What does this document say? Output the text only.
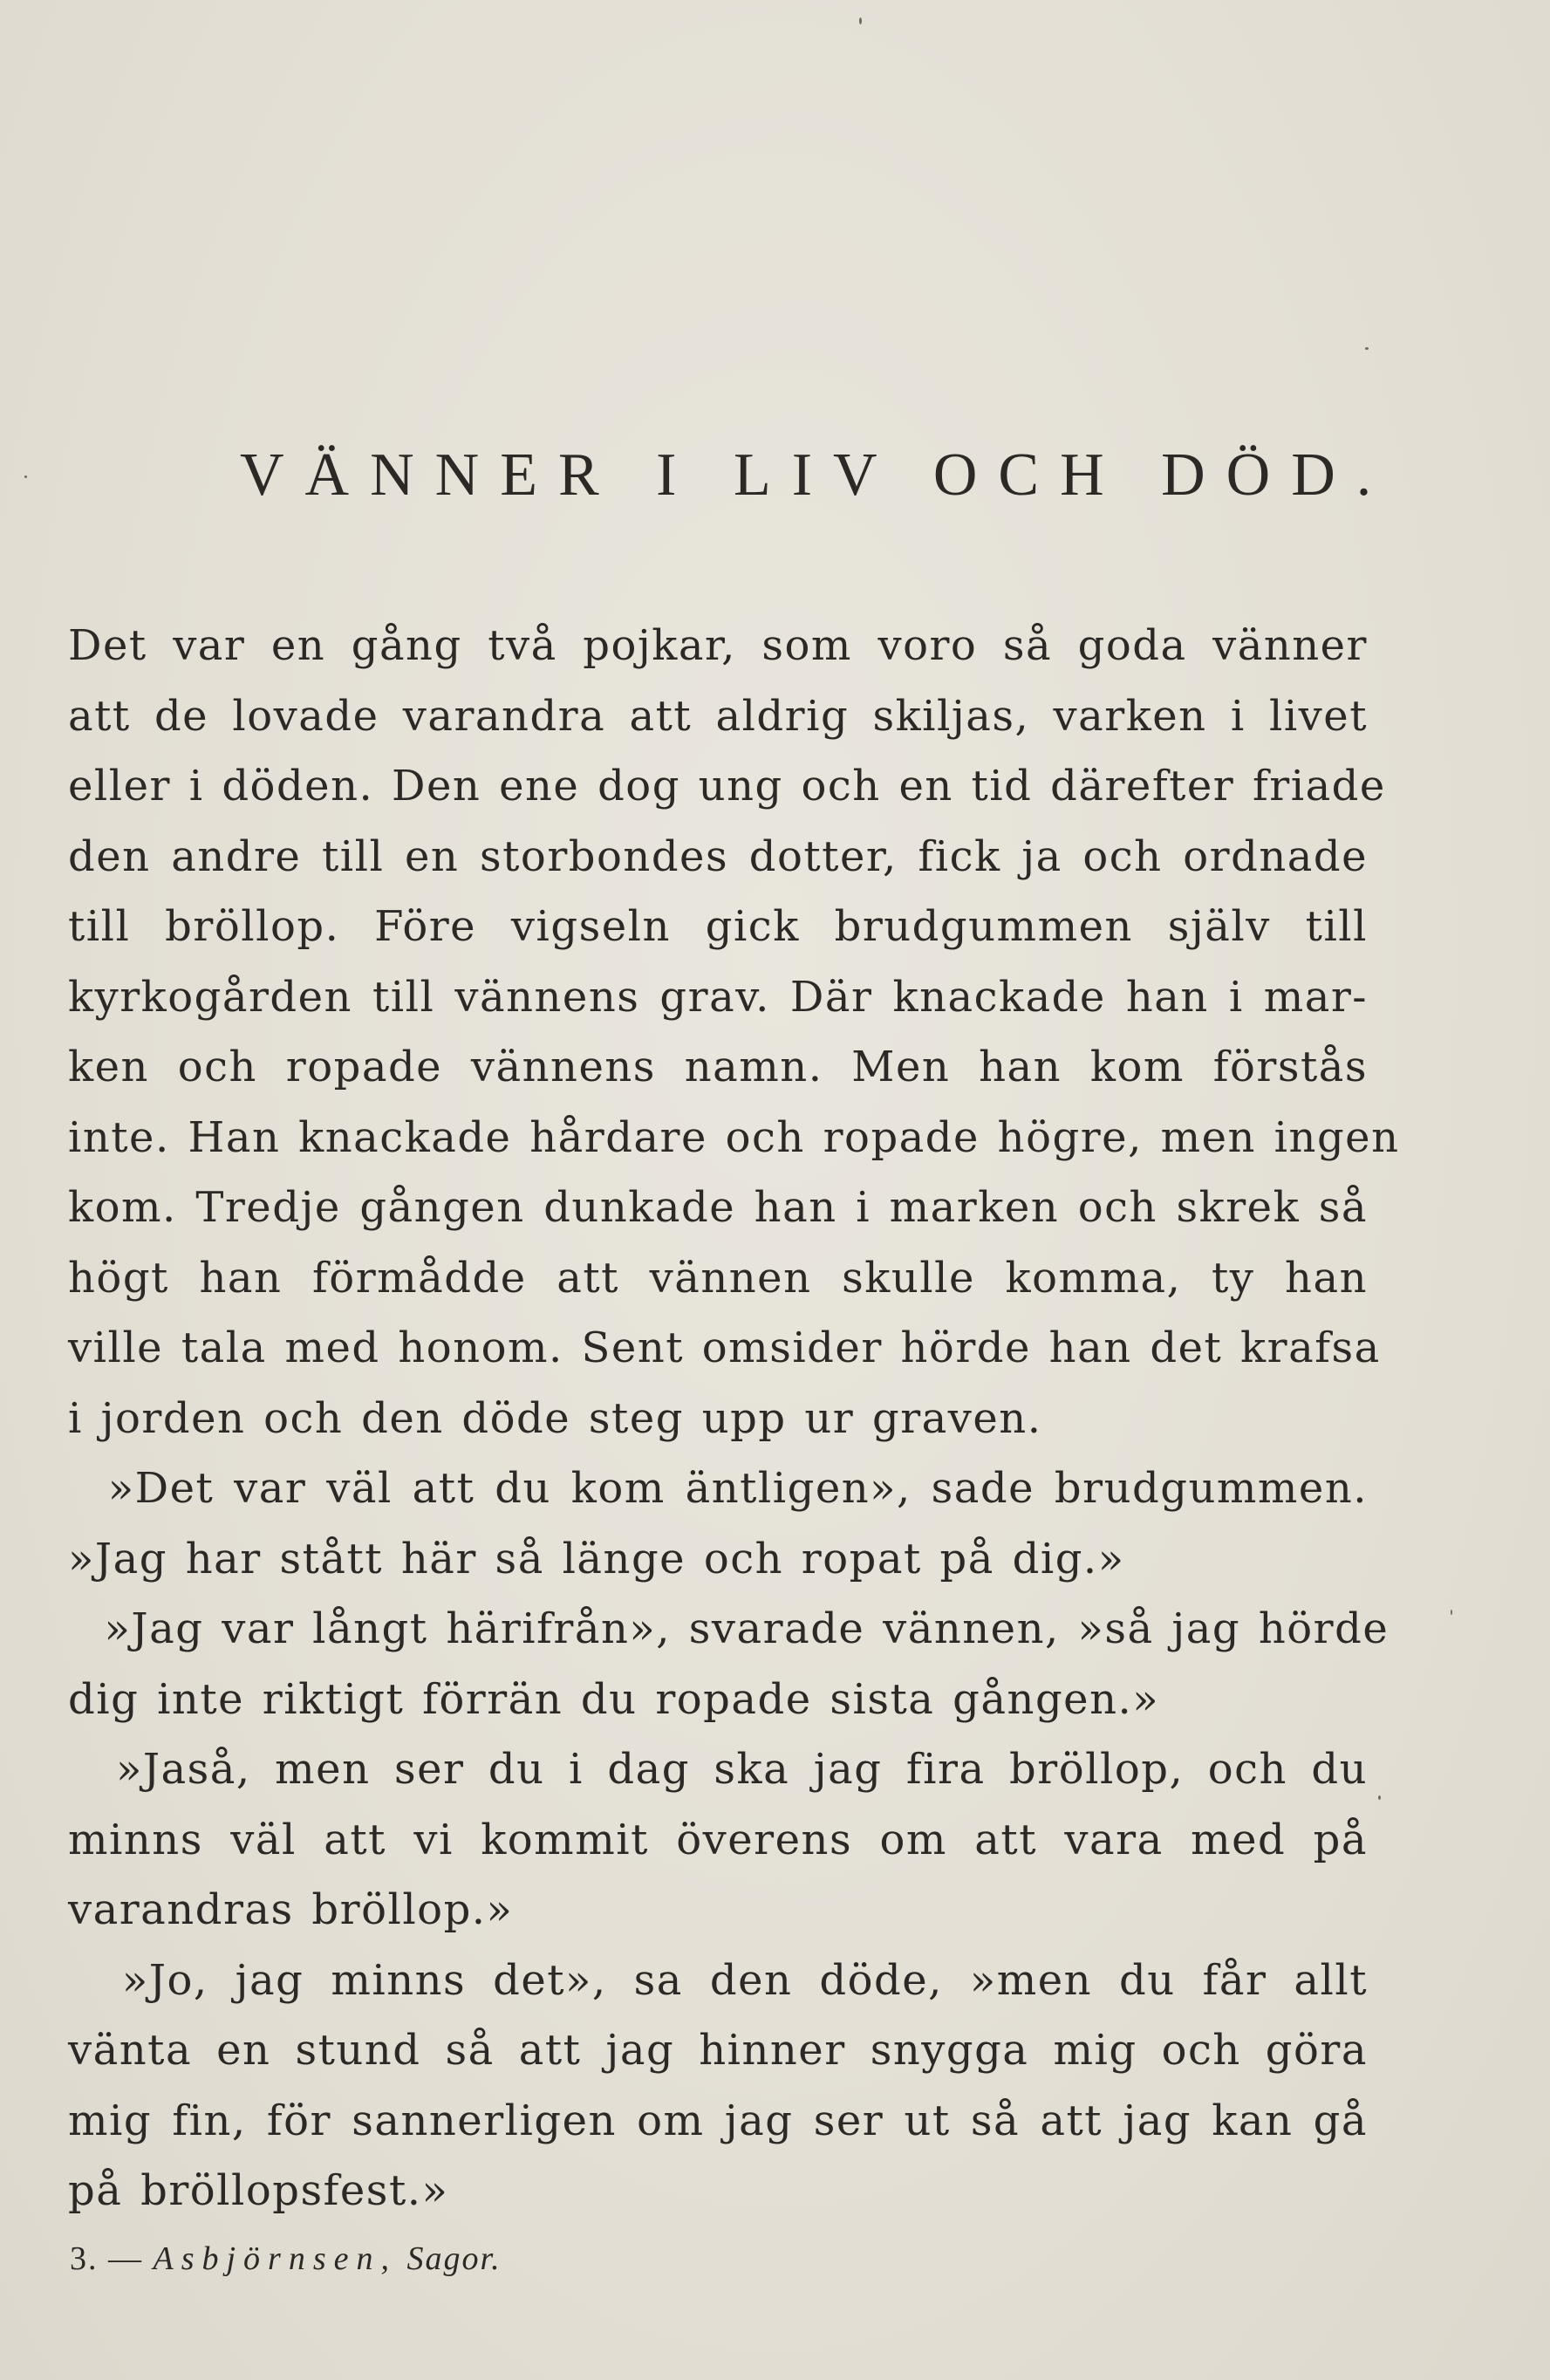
VÄNNER I LIV OCH DÖD.
Det var en gång två pojkar, som voro så goda vänner
att de lovade varandra att aldrig skiljas, varken i livet
eller i döden. Den ene dog ung och en tid därefter friade
den andre till en storbondes dotter, fick ja och ordnade
till bröllop. Före vigseln gick brudgummen själv till
kyrkogården till vännens grav. Där knackade han i mar-
ken och ropade vännens namn. Men han kom förstås
inte. Han knackade hårdare och ropade högre, men ingen
kom. Tredje gången dunkade han i marken och skrek så
högt han förmådde att vännen skulle komma, ty han
ville tala med honom. Sent omsider hörde han det krafsa
i jorden och den döde steg upp ur graven.
»Det var väl att du kom äntligen», sade brudgummen.
»Jag har stått här så länge och ropat på dig.»
»Jag var långt härifrån», svarade vännen, »så jag hörde
dig inte riktigt förrän du ropade sista gången.»
»Jaså, men ser du i dag ska jag fira bröllop, och du
minns väl att vi kommit överens om att vara med på
varandras bröllop.»
»Jo, jag minns det», sa den döde, »men du får allt
vänta en stund så att jag hinner snygga mig och göra
mig fin, för sannerligen om jag ser ut så att jag kan gå
på bröllopsfest.»
3. — Asbjörnsen, Sagor.
